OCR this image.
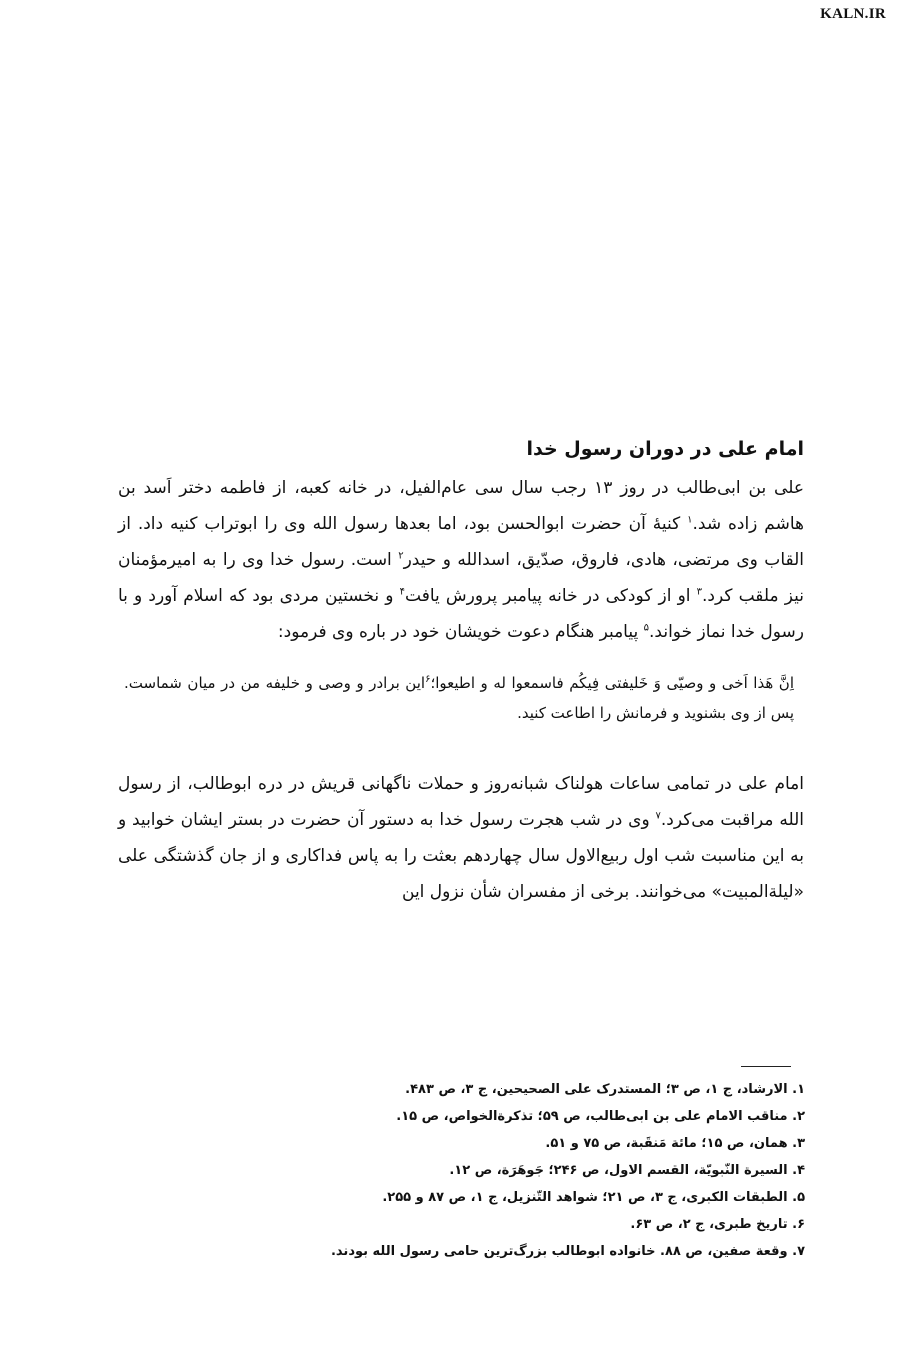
KALN.IR
امام علی در دوران رسول خدا

علی بن ابی‌طالب در روز ۱۳ رجب سال سی عام‌الفیل، در خانه کعبه، از فاطمه دختر اَسد بن هاشم زاده شد.$^۱$ کنیهٔ آن حضرت ابوالحسن بود، اما بعدها رسول الله وی را ابوتراب کنیه داد. از القاب وی مرتضی، هادی، فاروق، صدّیق، اسدالله و حیدر$^۲$ است. رسول خدا وی را به امیرمؤمنان نیز ملقب کرد.$^۳$ او از کودکی در خانه پیامبر پرورش یافت$^۴$ و نخستین مردی بود که اسلام آورد و با رسول خدا نماز خواند.$^۵$ پیامبر هنگام دعوت خویشان خود در باره وی فرمود:

اِنَّ هَذا اَخی و وصیّی وَ خَلیفتی فِیکُم فاسمعوا له و اطیعوا؛$^۶$این برادر و وصی و خلیفه من در میان شماست. پس از وی بشنوید و فرمانش را اطاعت کنید.

امام علی در تمامی ساعات هولناک شبانه‌روز و حملات ناگهانی قریش در دره ابوطالب، از رسول الله مراقبت می‌کرد.$^۷$ وی در شب هجرت رسول خدا به دستور آن حضرت در بستر ایشان خوابید و به این مناسبت شب اول ربیع‌الاول سال چهاردهم بعثت را به پاس فداکاری و از جان گذشتگی علی «لیلة‌المبیت» می‌خوانند. برخی از مفسران شأن نزول این

۱. الارشاد، ج ۱، ص ۳؛ المستدرک علی الصحیحین، ج ۳، ص ۴۸۳.
۲. مناقب الامام علی بن ابی‌طالب، ص ۵۹؛ تذکرة‌الخواص، ص ۱۵.
۳. همان، ص ۱۵؛ مائة مَنقَبة، ص ۷۵ و ۵۱.
۴. السیرة النّبویّة، القسم الاول، ص ۲۴۶؛ جَوهَرَة، ص ۱۲.
۵. الطبقات الکبری، ج ۳، ص ۲۱؛ شواهد التّنزیل، ج ۱، ص ۸۷ و ۲۵۵.
۶. تاریخ طبری، ج ۲، ص ۶۳.
۷. وقعة صفین، ص ۸۸. خانواده ابوطالب بزرگ‌ترین حامی رسول الله بودند.
